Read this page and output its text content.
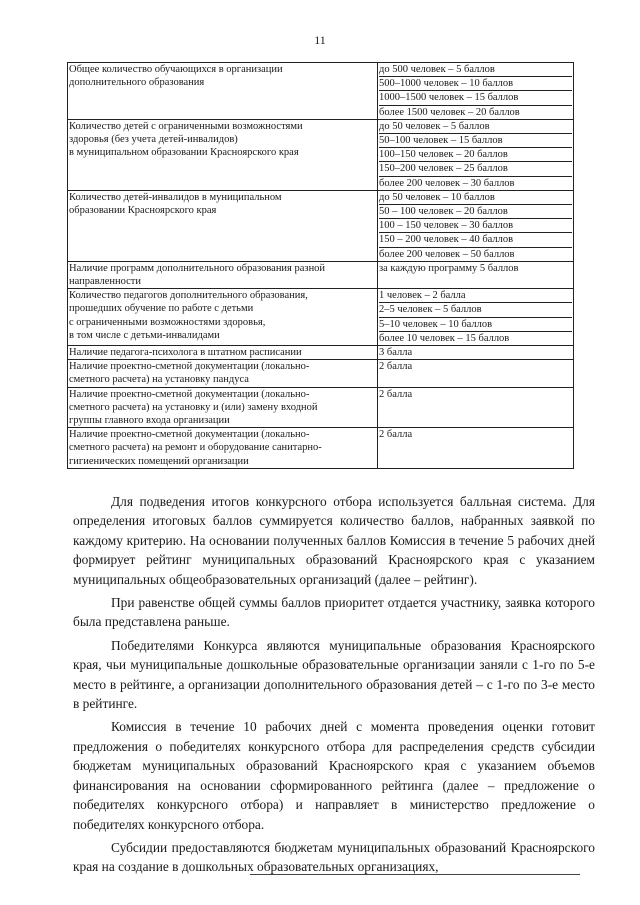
11
Общее количество обучающихся в организации
дополнительного образования	до 500 человек – 5 баллов
500–1000 человек – 10 баллов
1000–1500 человек – 15 баллов
более 1500 человек – 20 баллов

Количество детей с ограниченными возможностями
здоровья (без учета детей-инвалидов)
в муниципальном образовании Красноярского края	до 50 человек – 5 баллов
50–100 человек – 15 баллов
100–150 человек – 20 баллов
150–200 человек – 25 баллов
более 200 человек – 30 баллов

Количество детей-инвалидов в муниципальном
образовании Красноярского края	до 50 человек – 10 баллов
50 – 100 человек – 20 баллов
100 – 150 человек – 30 баллов
150 – 200 человек – 40 баллов
более 200 человек – 50 баллов

Наличие программ дополнительного образования разной
направленности	за каждую программу 5 баллов

Количество педагогов дополнительного образования,
прошедших обучение по работе с детьми
с ограниченными возможностями здоровья,
в том числе с детьми-инвалидами	1 человек – 2 балла
2–5 человек – 5 баллов
5–10 человек – 10 баллов
более 10 человек – 15 баллов

Наличие педагога-психолога в штатном расписании	3 балла

Наличие проектно-сметной документации (локально-
сметного расчета) на установку пандуса	2 балла

Наличие проектно-сметной документации (локально-
сметного расчета) на установку и (или) замену входной
группы главного входа организации	2 балла

Наличие проектно-сметной документации (локально-
сметного расчета) на ремонт и оборудование санитарно-
гигиенических помещений организации	2 балла

Для подведения итогов конкурсного отбора используется балльная система. Для определения итоговых баллов суммируется количество баллов, набранных заявкой по каждому критерию. На основании полученных баллов Комиссия в течение 5 рабочих дней формирует рейтинг муниципальных образований Красноярского края с указанием муниципальных общеобразовательных организаций (далее – рейтинг).

При равенстве общей суммы баллов приоритет отдается участнику, заявка которого была представлена раньше.

Победителями Конкурса являются муниципальные образования Красноярского края, чьи муниципальные дошкольные образовательные организации заняли с 1-го по 5-е место в рейтинге, а организации дополнительного образования детей – с 1-го по 3-е место в рейтинге.

Комиссия в течение 10 рабочих дней с момента проведения оценки готовит предложения о победителях конкурсного отбора для распределения средств субсидии бюджетам муниципальных образований Красноярского края с указанием объемов финансирования на основании сформированного рейтинга (далее – предложение о победителях конкурсного отбора) и направляет в министерство предложение о победителях конкурсного отбора.

Субсидии предоставляются бюджетам муниципальных образований Красноярского края на создание в дошкольных образовательных организациях,
